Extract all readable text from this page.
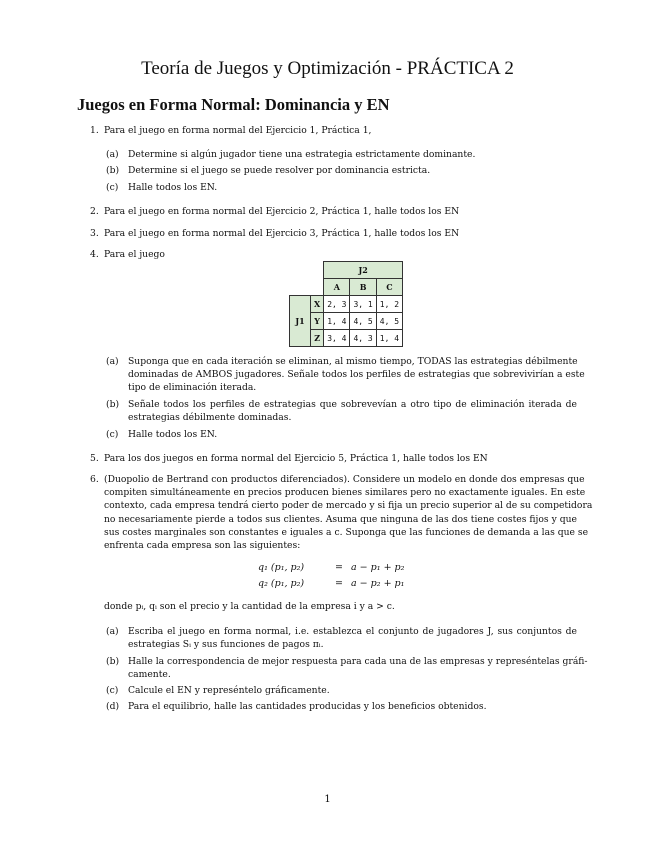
Teoría de Juegos y Optimización - PRÁCTICA 2
Juegos en Forma Normal: Dominancia y EN
1. Para el juego en forma normal del Ejercicio 1, Práctica 1,
(a) Determine si algún jugador tiene una estrategia estrictamente dominante.
(b) Determine si el juego se puede resolver por dominancia estricta.
(c) Halle todos los EN.
2. Para el juego en forma normal del Ejercicio 2, Práctica 1, halle todos los EN
3. Para el juego en forma normal del Ejercicio 3, Práctica 1, halle todos los EN
4. Para el juego
		J2		
		A	B	C
J1	X	2, 3	3, 1	1, 2
	Y	1, 4	4, 5	4, 5
	Z	3, 4	4, 3	1, 4
(a) Suponga que en cada iteración se eliminan, al mismo tiempo, TODAS las estrategias débilmente
dominadas de AMBOS jugadores. Señale todos los perfiles de estrategias que sobrevivirían a este
tipo de eliminación iterada.
(b) Señale todos los perfiles de estrategias que sobrevevían a otro tipo de eliminación iterada de
estrategias débilmente dominadas.
(c) Halle todos los EN.
5. Para los dos juegos en forma normal del Ejercicio 5, Práctica 1, halle todos los EN
6. (Duopolio de Bertrand con productos diferenciados). Considere un modelo en donde dos empresas que
compiten simultáneamente en precios producen bienes similares pero no exactamente iguales. En este
contexto, cada empresa tendrá cierto poder de mercado y si fija un precio superior al de su competidora
no necesariamente pierde a todos sus clientes. Asuma que ninguna de las dos tiene costes fijos y que
sus costes marginales son constantes e iguales a c. Suponga que las funciones de demanda a las que se
enfrenta cada empresa son las siguientes:
q₁ (p₁, p₂)	= a − p₁ + p₂
q₂ (p₁, p₂)	= a − p₂ + p₁
donde pᵢ, qᵢ son el precio y la cantidad de la empresa i y a > c.
(a) Escriba el juego en forma normal, i.e. establezca el conjunto de jugadores J, sus conjuntos de
estrategias Sᵢ y sus funciones de pagos πᵢ.
(b) Halle la correspondencia de mejor respuesta para cada una de las empresas y represéntelas gráfi-
camente.
(c) Calcule el EN y represéntelo gráficamente.
(d) Para el equilibrio, halle las cantidades producidas y los beneficios obtenidos.
1
